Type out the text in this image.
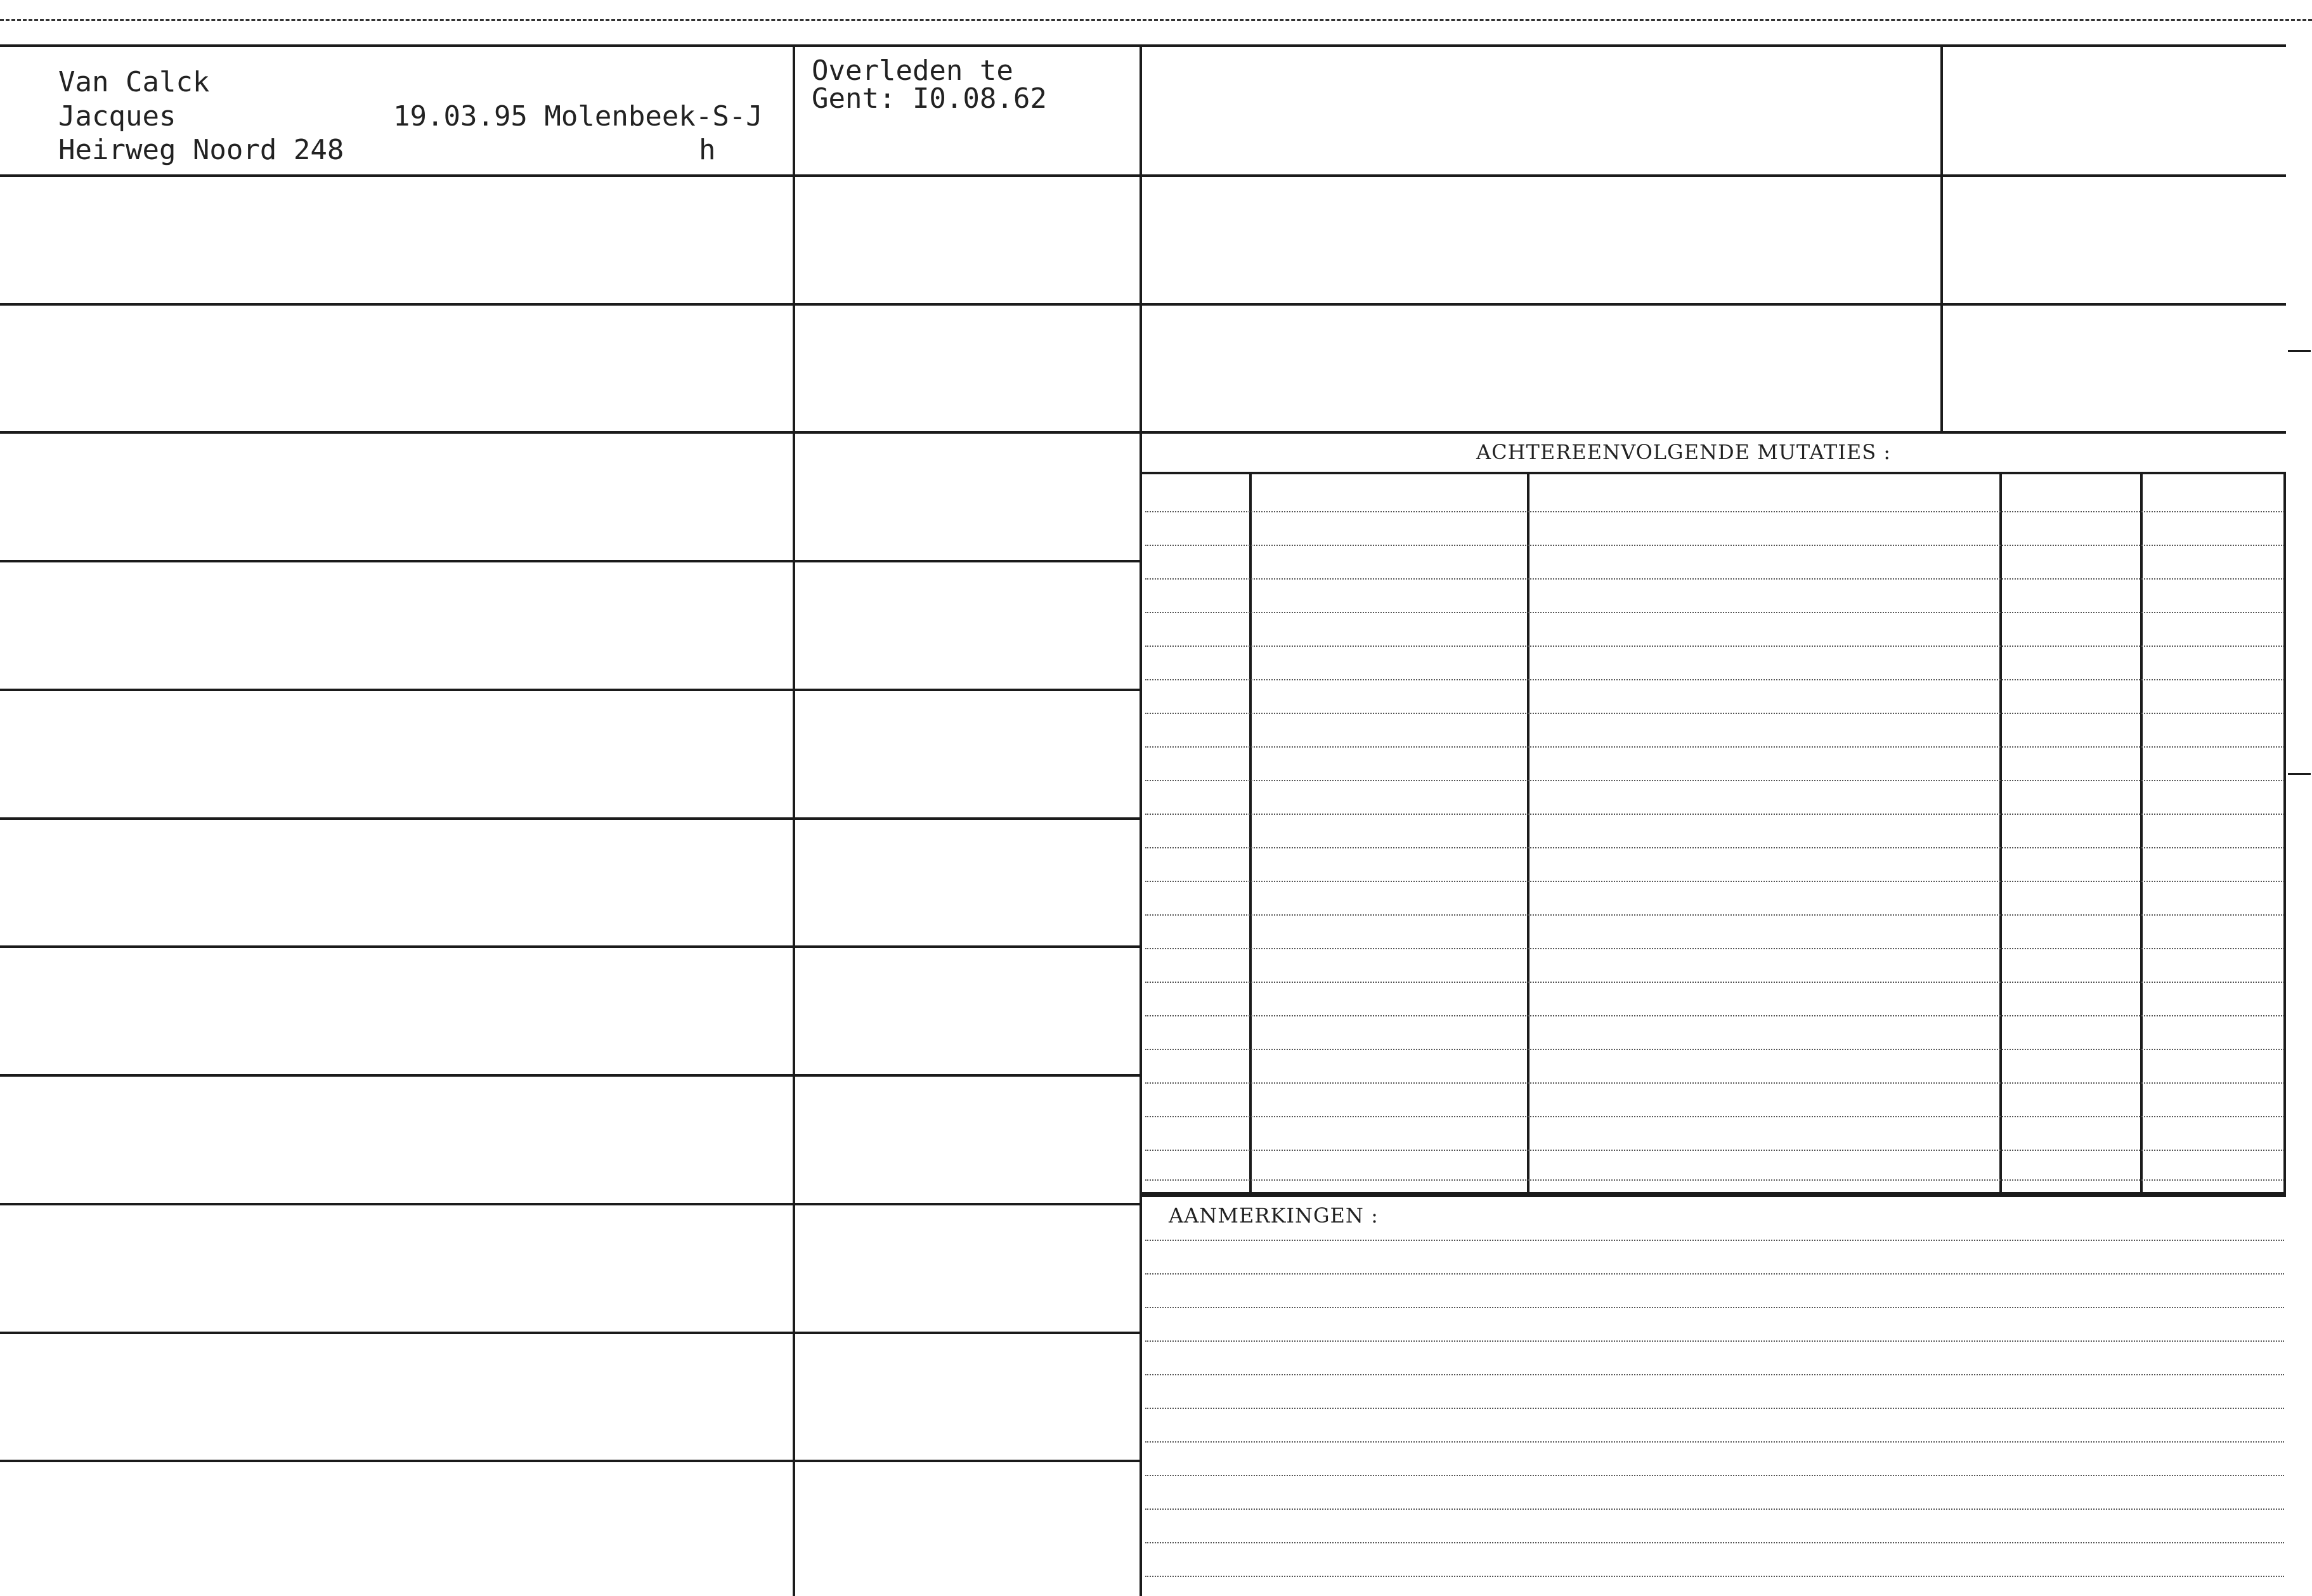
ACHTEREENVOLGENDE MUTATIES :
AANMERKINGEN :
Van Calck
Jacques
Heirweg Noord 248
19.03.95 Molenbeek-S-J
h
Overleden te
Gent: I0.08.62
